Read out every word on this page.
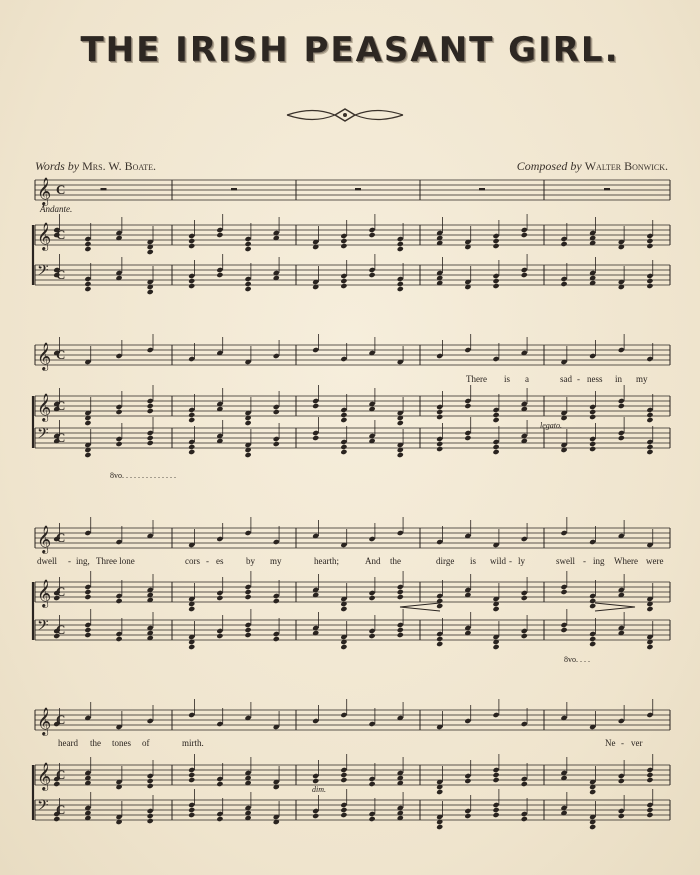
THE IRISH PEASANT GIRL.
Words by Mrs. W. Boate.	Composed by Walter Bonwick.
Andante.
There is a	sad - ness in my
legato.
8vo. . . . . . . . . . . . . .
dwell - ing, Three lone	cors - es	by my	hearth;	And the	dirge is wild - ly	swell - ing Where were
8vo. . . .
heard the tones of	mirth.	Ne - ver
dim.
𝄞
𝄞
𝄢
𝄞
𝄞
𝄢
𝄞
𝄞
𝄢
𝄞
𝄞
𝄢
C
C
C
C
C
C
C
C
C
C
C
C
